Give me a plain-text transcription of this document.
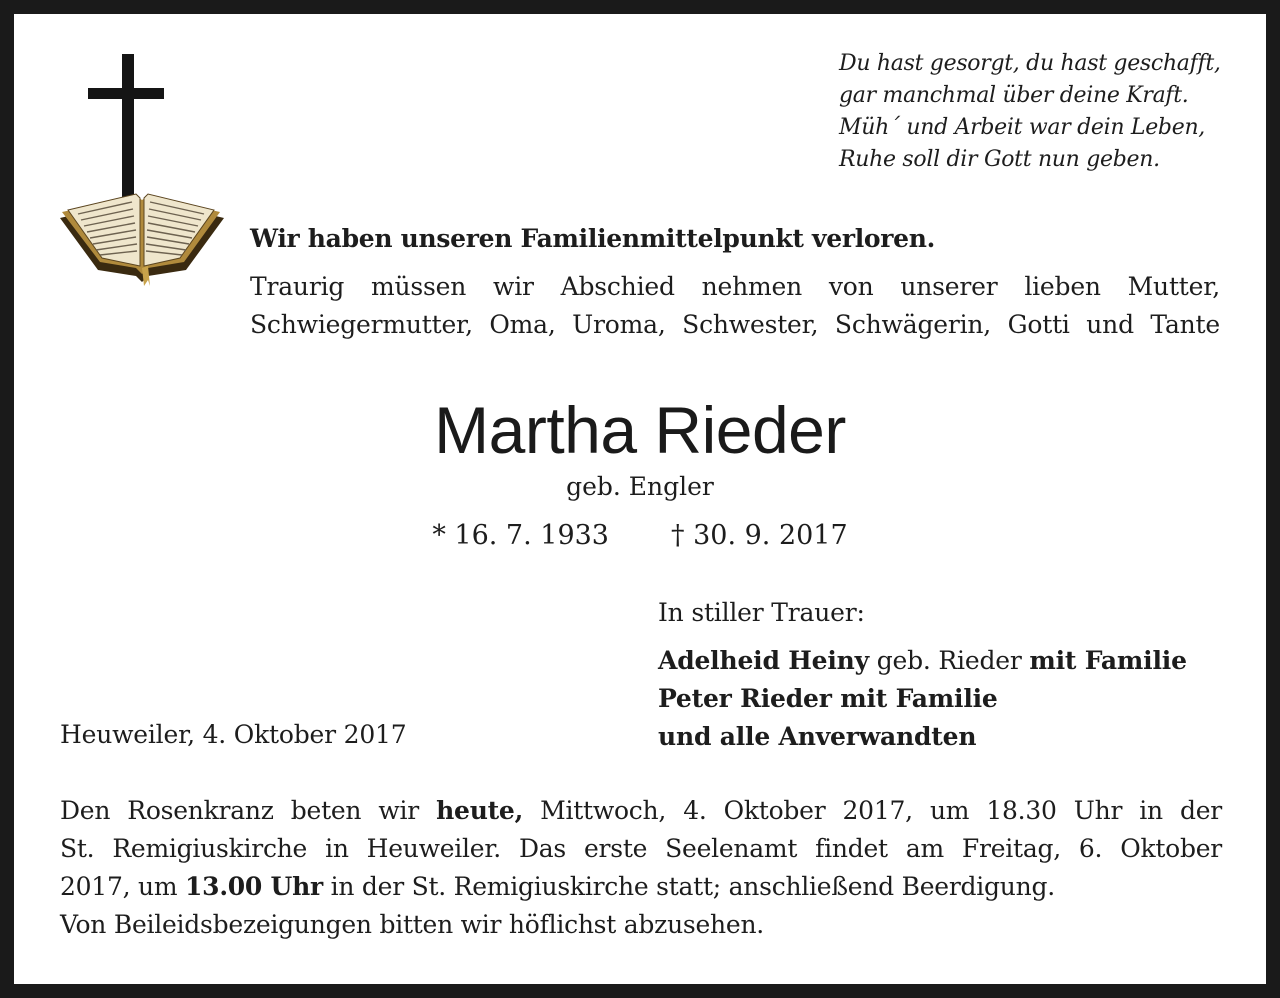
Du hast gesorgt, du hast geschafft,
gar manchmal über deine Kraft.
Müh´ und Arbeit war dein Leben,
Ruhe soll dir Gott nun geben.
Wir haben unseren Familienmittelpunkt verloren.
Traurig müssen wir Abschied nehmen von unserer lieben Mutter,
Schwiegermutter, Oma, Uroma, Schwester, Schwägerin, Gotti und Tante
Martha Rieder
geb. Engler
* 16. 7. 1933 † 30. 9. 2017
In stiller Trauer:
Adelheid Heiny geb. Rieder mit Familie
Peter Rieder mit Familie
und alle Anverwandten
Heuweiler, 4. Oktober 2017
Den Rosenkranz beten wir heute, Mittwoch, 4. Oktober 2017, um 18.30 Uhr in der
St. Remigiuskirche in Heuweiler. Das erste Seelenamt findet am Freitag, 6. Oktober
2017, um 13.00 Uhr in der St. Remigiuskirche statt; anschließend Beerdigung.
Von Beileidsbezeigungen bitten wir höflichst abzusehen.
